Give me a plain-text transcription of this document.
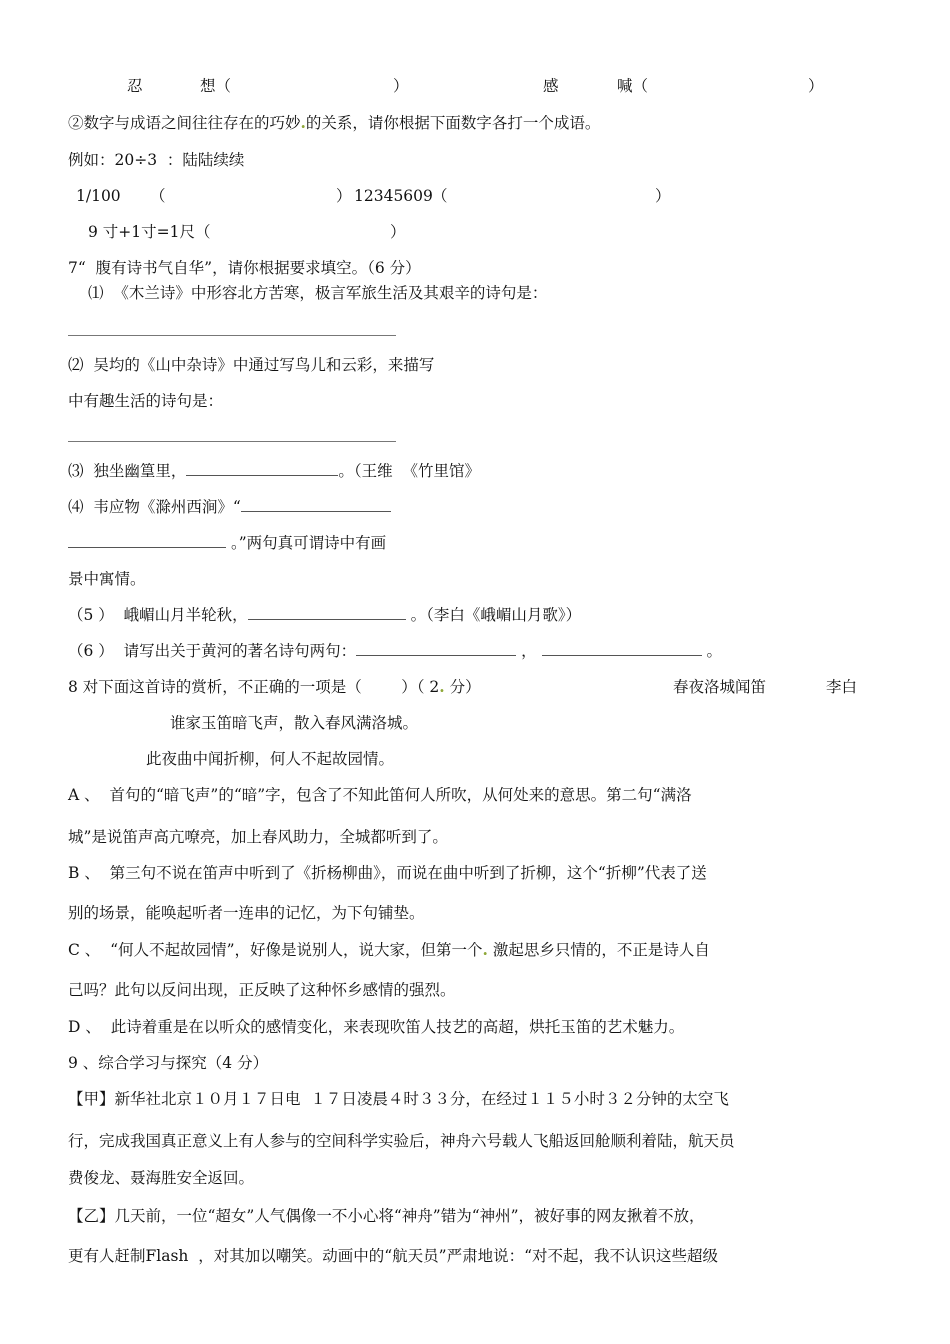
忍	想（	）	感	喊（	）
②数字与成语之间往往存在的巧妙.的关系，请你根据下面数字各打一个成语。
例如：20÷3  ：陆陆续续
1/100 （	） 12345609 （	）
9 寸+1寸=1尺（	）
7“  腹有诗书气自华”，请你根据要求填空。（6 分）
⑴  《木兰诗》中形容北方苦寒，极言军旅生活及其艰辛的诗句是：
⑵  吴均的《山中杂诗》中通过写鸟儿和云彩，来描写
中有趣生活的诗句是：
⑶  独坐幽篁里，	。（王维  《竹里馆》
⑷  韦应物《滁州西涧》“
。”两句真可谓诗中有画
景中寓情。
（5 ）  峨嵋山月半轮秋，	。（李白《峨嵋山月歌》）
（6 ）  请写出关于黄河的著名诗句两句：	，	。
8 对下面这首诗的赏析，不正确的一项是（	）（ 2. 分）	春夜洛城闻笛	李白
谁家玉笛暗飞声，散入春风满洛城。
此夜曲中闻折柳，何人不起故园情。
A 、  首句的“暗飞声”的“暗”字，包含了不知此笛何人所吹，从何处来的意思。第二句“满洛
城”是说笛声高亢嘹亮，加上春风助力，全城都听到了。
B 、  第三句不说在笛声中听到了《折杨柳曲》，而说在曲中听到了折柳，这个“折柳”代表了送
别的场景，能唤起听者一连串的记忆，为下句铺垫。
C 、  “何人不起故园情”，好像是说别人，说大家，但第一个. 激起思乡只情的，不正是诗人自
己吗？此句以反问出现，正反映了这种怀乡感情的强烈。
D 、  此诗着重是在以听众的感情变化，来表现吹笛人技艺的高超，烘托玉笛的艺术魅力。
9 、综合学习与探究（4 分）
【甲】新华社北京１０月１７日电  １７日凌晨４时３３分，在经过１１５小时３２分钟的太空飞
行，完成我国真正意义上有人参与的空间科学实验后，神舟六号载人飞船返回舱顺利着陆，航天员
费俊龙、聂海胜安全返回。
【乙】几天前，一位“超女”人气偶像一不小心将“神舟”错为“神州”，被好事的网友揪着不放，
更有人赶制Flash  ，对其加以嘲笑。动画中的“航天员”严肃地说：“对不起，我不认识这些超级
